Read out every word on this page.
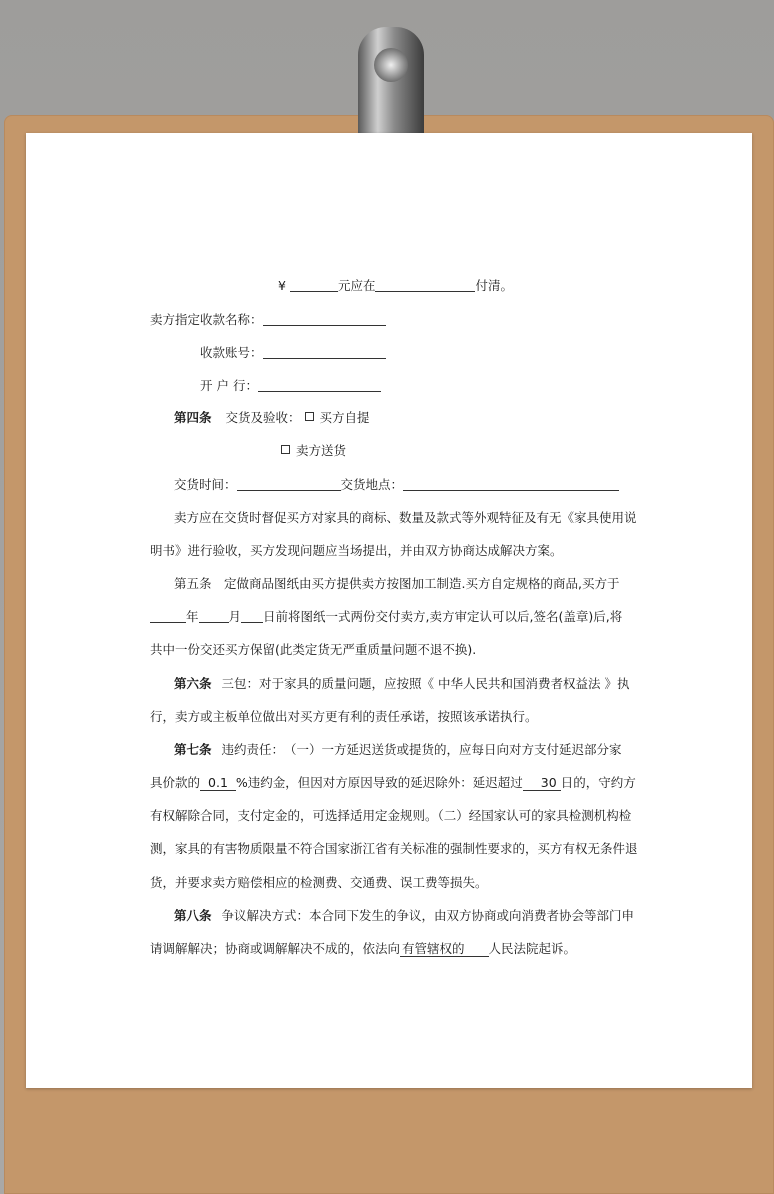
¥	元应在	付清。
卖方指定收款名称：
收款账号：
开 户 行：
第四条 交货及验收： 买方自提
卖方送货
交货时间：	交货地点：
卖方应在交货时督促买方对家具的商标、数量及款式等外观特征及有无《家具使用说
明书》进行验收，买方发现问题应当场提出，并由双方协商达成解决方案。
第五条　定做商品图纸由买方提供卖方按图加工制造.买方自定规格的商品,买方于
年 月 日前将图纸一式两份交付卖方,卖方审定认可以后,签名(盖章)后,将
共中一份交还买方保留(此类定货无严重质量问题不退不换).
第六条 三包：对于家具的质量问题，应按照《 中华人民共和国消费者权益法 》执
行，卖方或主板单位做出对买方更有利的责任承诺，按照该承诺执行。
第七条 违约责任：　（一）一方延迟送货或提货的，应每日向对方支付延迟部分家
具价款的 0.1 %违约金，但因对方原因导致的延迟除外：延迟超过 30 日的，守约方
有权解除合同，支付定金的，可选择适用定金规则。（二）经国家认可的家具检测机构检
测，家具的有害物质限量不符合国家浙江省有关标准的强制性要求的，买方有权无条件退
货，并要求卖方赔偿相应的检测费、交通费、误工费等损失。
第八条 争议解决方式：本合同下发生的争议，由双方协商或向消费者协会等部门申
请调解解决；协商或调解解决不成的，依法向 有管辖权的 人民法院起诉。
